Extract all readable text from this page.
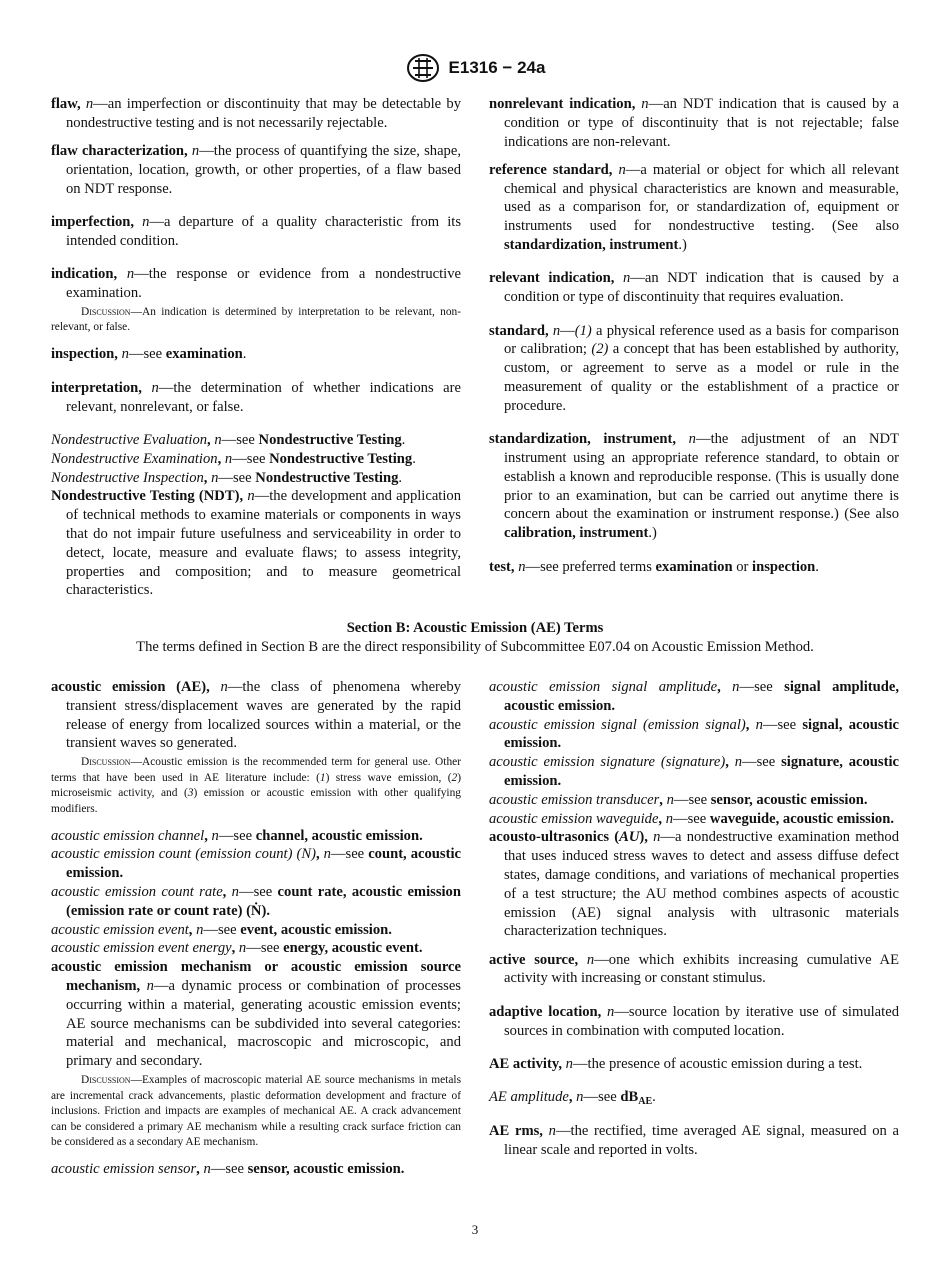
E1316 − 24a

flaw, n—an imperfection or discontinuity that may be detectable by nondestructive testing and is not necessarily rejectable.

flaw characterization, n—the process of quantifying the size, shape, orientation, location, growth, or other properties, of a flaw based on NDT response.

imperfection, n—a departure of a quality characteristic from its intended condition.

indication, n—the response or evidence from a nondestructive examination.

Discussion—An indication is determined by interpretation to be relevant, non-relevant, or false.

inspection, n—see examination.

interpretation, n—the determination of whether indications are relevant, nonrelevant, or false.

Nondestructive Evaluation, n—see Nondestructive Testing.

Nondestructive Examination, n—see Nondestructive Testing.

Nondestructive Inspection, n—see Nondestructive Testing.

Nondestructive Testing (NDT), n—the development and application of technical methods to examine materials or components in ways that do not impair future usefulness and serviceability in order to detect, locate, measure and evaluate flaws; to assess integrity, properties and composition; and to measure geometrical characteristics.

nonrelevant indication, n—an NDT indication that is caused by a condition or type of discontinuity that is not rejectable; false indications are non-relevant.

reference standard, n—a material or object for which all relevant chemical and physical characteristics are known and measurable, used as a comparison for, or standardization of, equipment or instruments used for nondestructive testing. (See also standardization, instrument.)

relevant indication, n—an NDT indication that is caused by a condition or type of discontinuity that requires evaluation.

standard, n—(1) a physical reference used as a basis for comparison or calibration; (2) a concept that has been established by authority, custom, or agreement to serve as a model or rule in the measurement of quality or the establishment of a practice or procedure.

standardization, instrument, n—the adjustment of an NDT instrument using an appropriate reference standard, to obtain or establish a known and reproducible response. (This is usually done prior to an examination, but can be carried out anytime there is concern about the examination or instrument response.) (See also calibration, instrument.)

test, n—see preferred terms examination or inspection.

Section B: Acoustic Emission (AE) Terms
The terms defined in Section B are the direct responsibility of Subcommittee E07.04 on Acoustic Emission Method.

acoustic emission (AE), n—the class of phenomena whereby transient stress/displacement waves are generated by the rapid release of energy from localized sources within a material, or the transient waves so generated.

Discussion—Acoustic emission is the recommended term for general use. Other terms that have been used in AE literature include: (1) stress wave emission, (2) microseismic activity, and (3) emission or acoustic emission with other qualifying modifiers.

acoustic emission channel, n—see channel, acoustic emission.

acoustic emission count (emission count) (N), n—see count, acoustic emission.

acoustic emission count rate, n—see count rate, acoustic emission (emission rate or count rate) (Ṅ).

acoustic emission event, n—see event, acoustic emission.

acoustic emission event energy, n—see energy, acoustic event.

acoustic emission mechanism or acoustic emission source mechanism, n—a dynamic process or combination of processes occurring within a material, generating acoustic emission events; AE source mechanisms can be subdivided into several categories: material and mechanical, macroscopic and microscopic, and primary and secondary.

Discussion—Examples of macroscopic material AE source mechanisms in metals are incremental crack advancements, plastic deformation development and fracture of inclusions. Friction and impacts are examples of mechanical AE. A crack advancement can be considered a primary AE mechanism while a resulting crack surface friction can be considered as a secondary AE mechanism.

acoustic emission sensor, n—see sensor, acoustic emission.

acoustic emission signal amplitude, n—see signal amplitude, acoustic emission.

acoustic emission signal (emission signal), n—see signal, acoustic emission.

acoustic emission signature (signature), n—see signature, acoustic emission.

acoustic emission transducer, n—see sensor, acoustic emission.

acoustic emission waveguide, n—see waveguide, acoustic emission.

acousto-ultrasonics (AU), n—a nondestructive examination method that uses induced stress waves to detect and assess diffuse defect states, damage conditions, and variations of mechanical properties of a test structure; the AU method combines aspects of acoustic emission (AE) signal analysis with ultrasonic materials characterization techniques.

active source, n—one which exhibits increasing cumulative AE activity with increasing or constant stimulus.

adaptive location, n—source location by iterative use of simulated sources in combination with computed location.

AE activity, n—the presence of acoustic emission during a test.

AE amplitude, n—see $dB_{AE}$.

AE rms, n—the rectified, time averaged AE signal, measured on a linear scale and reported in volts.

3
